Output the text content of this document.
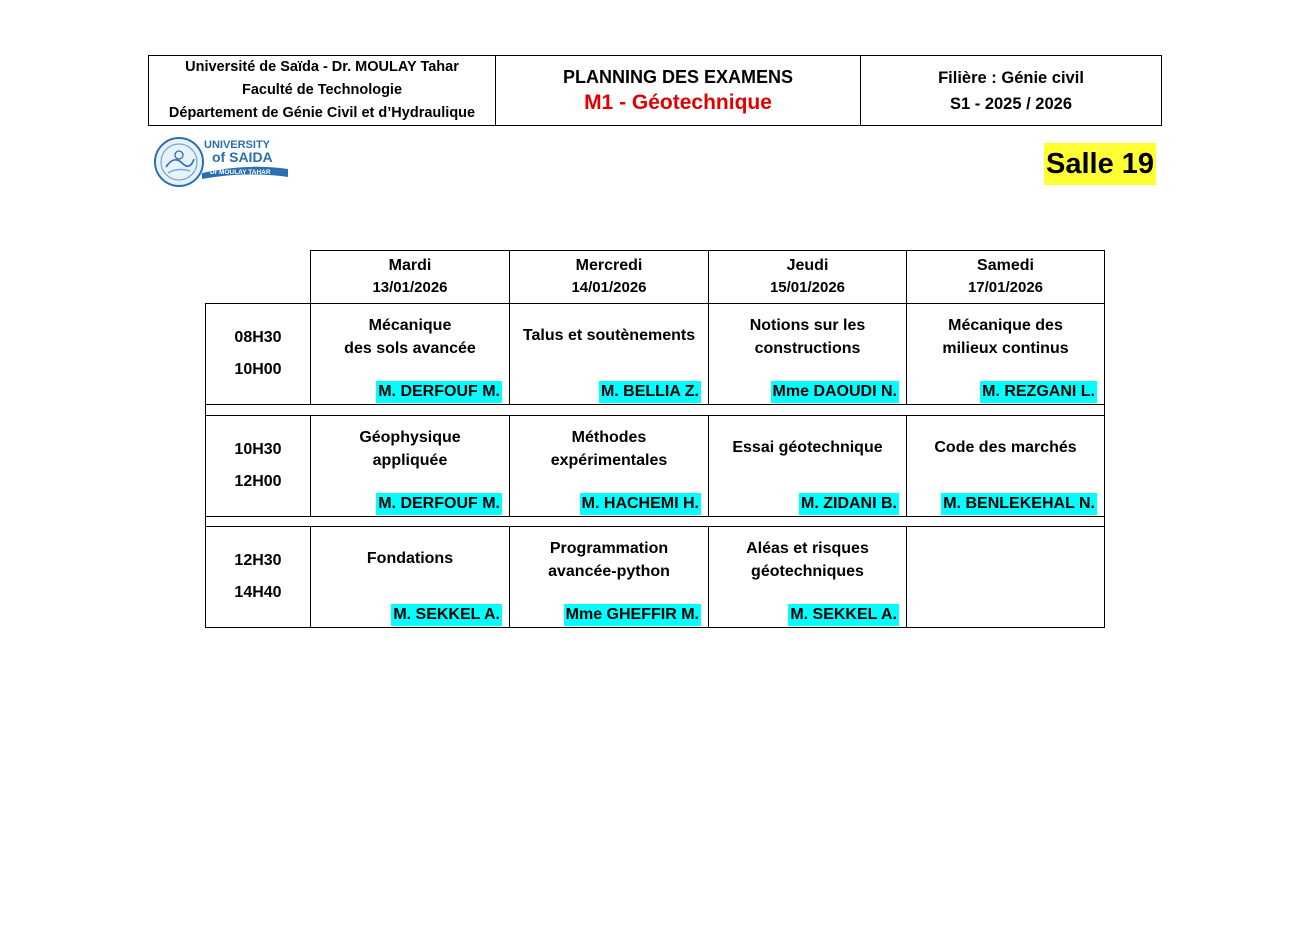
Université de Saïda - Dr. MOULAY Tahar
Faculté de Technologie
Département de Génie Civil et d’Hydraulique
PLANNING DES EXAMENS
M1 - Géotechnique
Filière : Génie civil
S1 - 2025 / 2026
UNIVERSITY
of SAIDA
Dr MOULAY TAHAR	Salle 19
Mardi
13/01/2026
Mercredi
14/01/2026
Jeudi
15/01/2026
Samedi
17/01/2026
08H30
10H00
Mécanique
des sols avancée
M. DERFOUF M.
Talus et soutènements
M. BELLIA Z.
Notions sur les
constructions
Mme DAOUDI N.
Mécanique des
milieux continus
M. REZGANI L.
10H30
12H00
Géophysique
appliquée
M. DERFOUF M.
Méthodes
expérimentales
M. HACHEMI H.
Essai géotechnique
M. ZIDANI B.
Code des marchés
M. BENLEKEHAL N.
12H30
14H40
Fondations
M. SEKKEL A.
Programmation
avancée-python
Mme GHEFFIR M.
Aléas et risques
géotechniques
M. SEKKEL A.
